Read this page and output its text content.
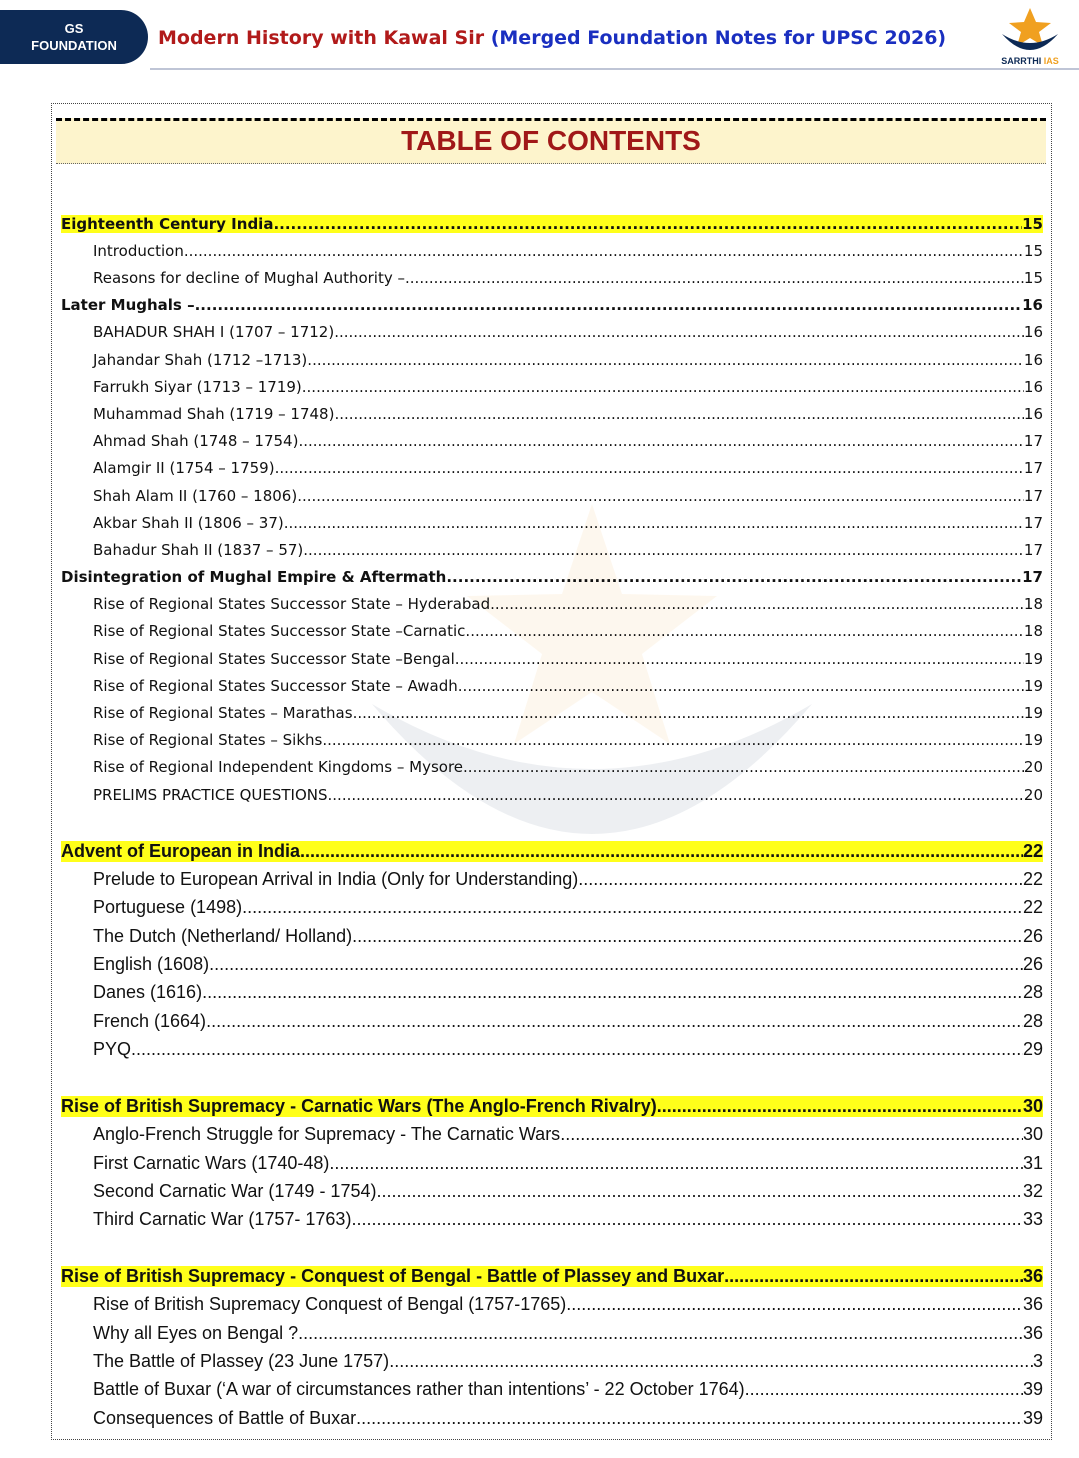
GS
FOUNDATION	Modern History with Kawal Sir (Merged Foundation Notes for UPSC 2026)
SARRTHI IAS
TABLE OF CONTENTS
Eighteenth Century India .....	15
Introduction .....	15
Reasons for decline of Mughal Authority – .....	15
Later Mughals – .....	16
BAHADUR SHAH I (1707 – 1712) .....	16
Jahandar Shah (1712 –1713) .....	16
Farrukh Siyar (1713 – 1719) .....	16
Muhammad Shah (1719 – 1748) .....	16
Ahmad Shah (1748 – 1754) .....	17
Alamgir II (1754 – 1759) .....	17
Shah Alam II (1760 – 1806) .....	17
Akbar Shah II (1806 – 37) .....	17
Bahadur Shah II (1837 – 57) .....	17
Disintegration of Mughal Empire & Aftermath .....	17
Rise of Regional States Successor State – Hyderabad .....	18
Rise of Regional States Successor State –Carnatic .....	18
Rise of Regional States Successor State –Bengal .....	19
Rise of Regional States Successor State – Awadh .....	19
Rise of Regional States – Marathas .....	19
Rise of Regional States – Sikhs .....	19
Rise of Regional Independent Kingdoms – Mysore .....	20
PRELIMS PRACTICE QUESTIONS .....	20
Advent of European in India .....	22
Prelude to European Arrival in India (Only for Understanding) .....	22
Portuguese (1498) .....	22
The Dutch (Netherland/ Holland) .....	26
English (1608) .....	26
Danes (1616) .....	28
French (1664) .....	28
PYQ .....	29
Rise of British Supremacy - Carnatic Wars (The Anglo-French Rivalry) .....	30
Anglo-French Struggle for Supremacy - The Carnatic Wars .....	30
First Carnatic Wars (1740-48) .....	31
Second Carnatic War (1749 - 1754) .....	32
Third Carnatic War (1757- 1763) .....	33
Rise of British Supremacy - Conquest of Bengal - Battle of Plassey and Buxar .....	36
Rise of British Supremacy Conquest of Bengal (1757-1765) .....	36
Why all Eyes on Bengal ? .....	36
The Battle of Plassey (23 June 1757) .....	3
Battle of Buxar (‘A war of circumstances rather than intentions’ - 22 October 1764) .....	39
Consequences of Battle of Buxar .....	39
